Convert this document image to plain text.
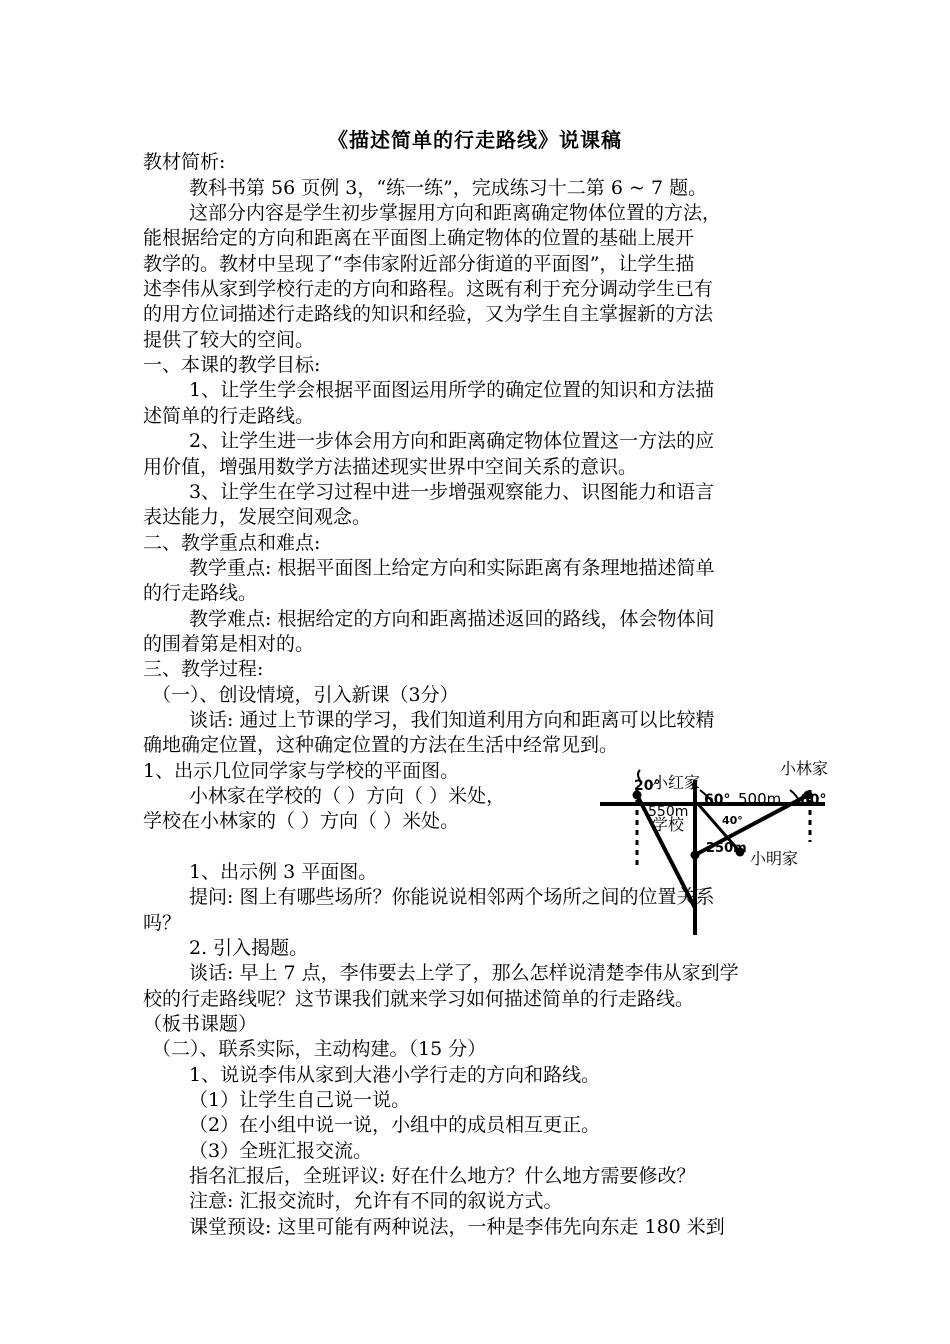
《描述简单的行走路线》说课稿
教材简析:
教科书第 56 页例 3，“练一练”，完成练习十二第 6 ~ 7 题。
这部分内容是学生初步掌握用方向和距离确定物体位置的方法，
能根据给定的方向和距离在平面图上确定物体的位置的基础上展开
教学的。教材中呈现了“李伟家附近部分街道的平面图”，让学生描
述李伟从家到学校行走的方向和路程。这既有利于充分调动学生已有
的用方位词描述行走路线的知识和经验，又为学生自主掌握新的方法
提供了较大的空间。
一、本课的教学目标:
1、让学生学会根据平面图运用所学的确定位置的知识和方法描
述简单的行走路线。
2、让学生进一步体会用方向和距离确定物体位置这一方法的应
用价值，增强用数学方法描述现实世界中空间关系的意识。
3、让学生在学习过程中进一步增强观察能力、识图能力和语言
表达能力，发展空间观念。
二、教学重点和难点:
教学重点: 根据平面图上给定方向和实际距离有条理地描述简单
的行走路线。
教学难点: 根据给定的方向和距离描述返回的路线，体会物体间
的围着第是相对的。
三、教学过程:
（一）、创设情境，引入新课（3分）
谈话: 通过上节课的学习，我们知道利用方向和距离可以比较精
确地确定位置，这种确定位置的方法在生活中经常见到。
1、出示几位同学家与学校的平面图。
小林家在学校的（ ）方向（ ）米处，
学校在小林家的（ ）方向（ ）米处。
1、出示例 3 平面图。
提问: 图上有哪些场所？你能说说相邻两个场所之间的位置关系
吗？
2. 引入揭题。
谈话: 早上 7 点，李伟要去上学了，那么怎样说清楚李伟从家到学
校的行走路线呢？这节课我们就来学习如何描述简单的行走路线。
（板书课题）
（二）、联系实际，主动构建。（15 分）
1、说说李伟从家到大港小学行走的方向和路线。
（1）让学生自己说一说。
（2）在小组中说一说，小组中的成员相互更正。
（3）全班汇报交流。
指名汇报后，全班评议: 好在什么地方？什么地方需要修改？
注意: 汇报交流时，允许有不同的叙说方式。
课堂预设: 这里可能有两种说法，一种是李伟先向东走 180 米到
小林家
小红家
小明家
学校
20°
60°	60°
40°
500m
550m
250m
